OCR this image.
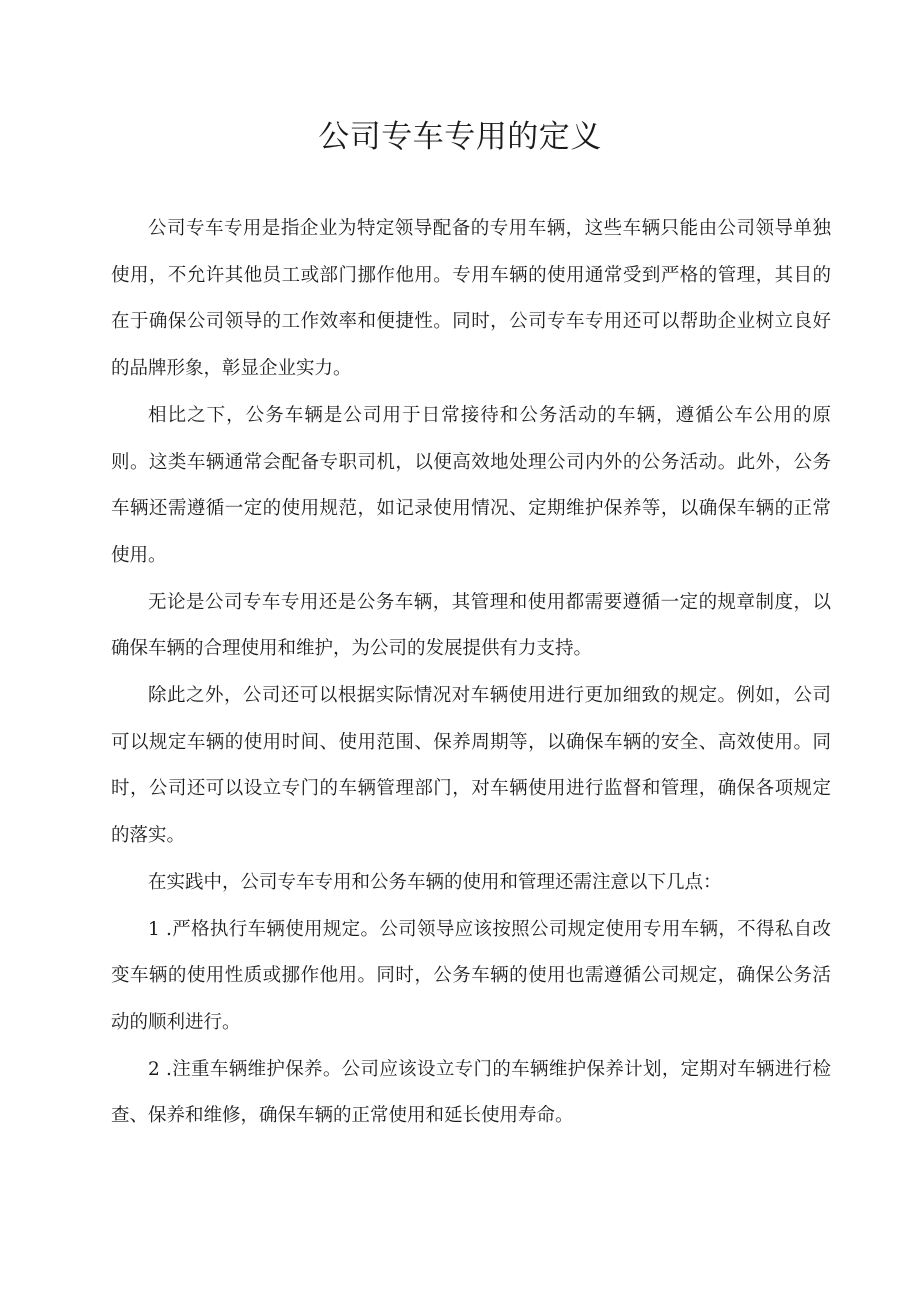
公司专车专用的定义

公司专车专用是指企业为特定领导配备的专用车辆，这些车辆只能由公司领导单独使用，不允许其他员工或部门挪作他用。专用车辆的使用通常受到严格的管理，其目的在于确保公司领导的工作效率和便捷性。同时，公司专车专用还可以帮助企业树立良好的品牌形象，彰显企业实力。

相比之下，公务车辆是公司用于日常接待和公务活动的车辆，遵循公车公用的原则。这类车辆通常会配备专职司机，以便高效地处理公司内外的公务活动。此外，公务车辆还需遵循一定的使用规范，如记录使用情况、定期维护保养等，以确保车辆的正常使用。

无论是公司专车专用还是公务车辆，其管理和使用都需要遵循一定的规章制度，以确保车辆的合理使用和维护，为公司的发展提供有力支持。

除此之外，公司还可以根据实际情况对车辆使用进行更加细致的规定。例如，公司可以规定车辆的使用时间、使用范围、保养周期等，以确保车辆的安全、高效使用。同时，公司还可以设立专门的车辆管理部门，对车辆使用进行监督和管理，确保各项规定的落实。

在实践中，公司专车专用和公务车辆的使用和管理还需注意以下几点：

1 .严格执行车辆使用规定。公司领导应该按照公司规定使用专用车辆，不得私自改变车辆的使用性质或挪作他用。同时，公务车辆的使用也需遵循公司规定，确保公务活动的顺利进行。

2 .注重车辆维护保养。公司应该设立专门的车辆维护保养计划，定期对车辆进行检查、保养和维修，确保车辆的正常使用和延长使用寿命。
